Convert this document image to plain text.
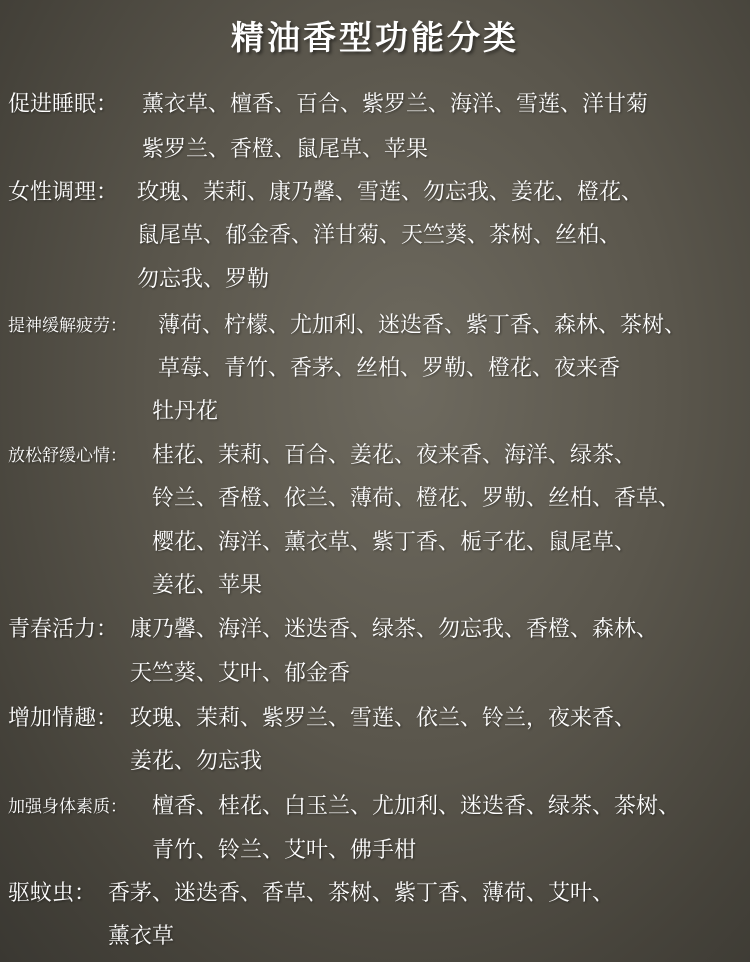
精油香型功能分类
促进睡眠： 薰衣草、檀香、百合、紫罗兰、海洋、雪莲、洋甘菊
紫罗兰、香橙、鼠尾草、苹果
女性调理： 玫瑰、茉莉、康乃馨、雪莲、勿忘我、姜花、橙花、
鼠尾草、郁金香、洋甘菊、天竺葵、茶树、丝柏、
勿忘我、罗勒
提神缓解疲劳： 薄荷、柠檬、尤加利、迷迭香、紫丁香、森林、茶树、
草莓、青竹、香茅、丝柏、罗勒、橙花、夜来香
牡丹花
放松舒缓心情： 桂花、茉莉、百合、姜花、夜来香、海洋、绿茶、
铃兰、香橙、依兰、薄荷、橙花、罗勒、丝柏、香草、
樱花、海洋、薰衣草、紫丁香、栀子花、鼠尾草、
姜花、苹果
青春活力： 康乃馨、海洋、迷迭香、绿茶、勿忘我、香橙、森林、
天竺葵、艾叶、郁金香
增加情趣： 玫瑰、茉莉、紫罗兰、雪莲、依兰、铃兰，夜来香、
姜花、勿忘我
加强身体素质： 檀香、桂花、白玉兰、尤加利、迷迭香、绿茶、茶树、
青竹、铃兰、艾叶、佛手柑
驱蚊虫： 香茅、迷迭香、香草、茶树、紫丁香、薄荷、艾叶、
薰衣草
